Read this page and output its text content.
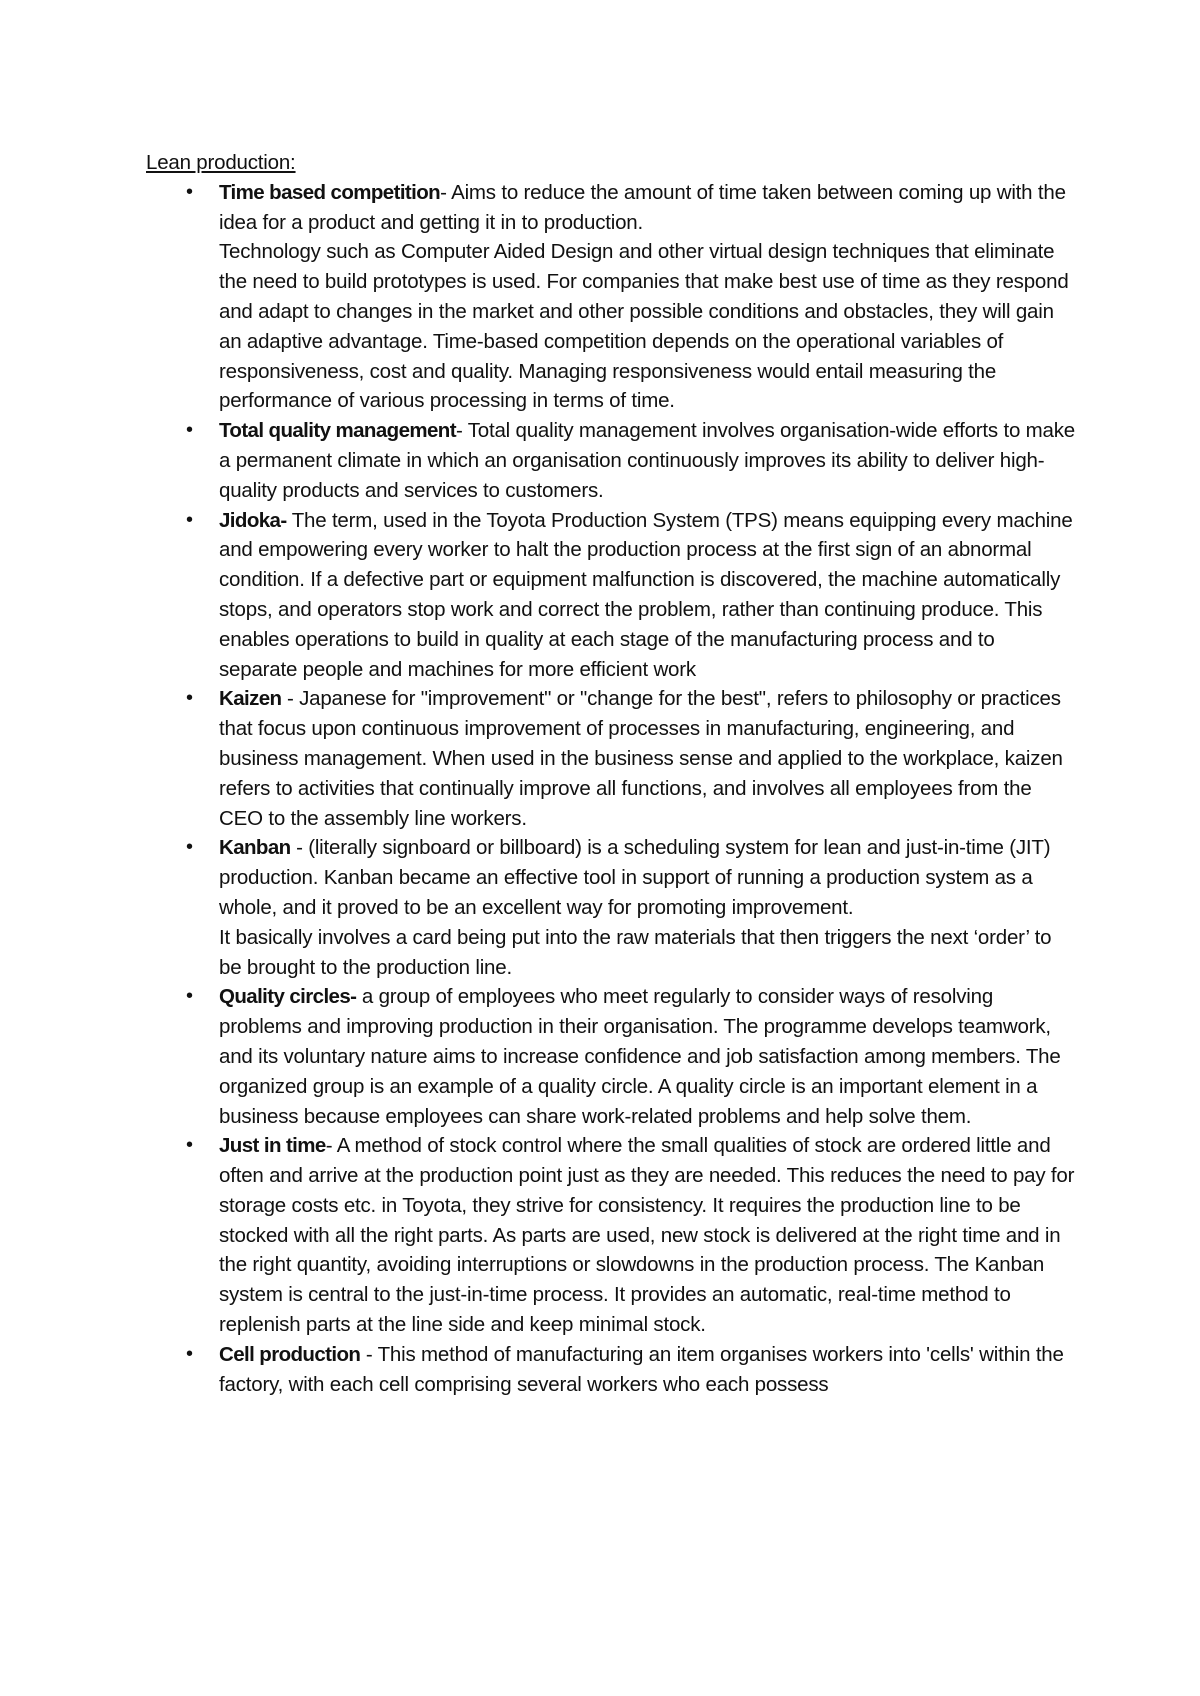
Lean production:

• Time based competition- Aims to reduce the amount of time taken between coming up with the idea for a product and getting it in to production.
Technology such as Computer Aided Design and other virtual design techniques that eliminate the need to build prototypes is used. For companies that make best use of time as they respond and adapt to changes in the market and other possible conditions and obstacles, they will gain an adaptive advantage. Time-based competition depends on the operational variables of responsiveness, cost and quality. Managing responsiveness would entail measuring the performance of various processing in terms of time.
• Total quality management- Total quality management involves organisation-wide efforts to make a permanent climate in which an organisation continuously improves its ability to deliver high-quality products and services to customers.
• Jidoka- The term, used in the Toyota Production System (TPS) means equipping every machine and empowering every worker to halt the production process at the first sign of an abnormal condition. If a defective part or equipment malfunction is discovered, the machine automatically stops, and operators stop work and correct the problem, rather than continuing produce. This enables operations to build in quality at each stage of the manufacturing process and to separate people and machines for more efficient work
• Kaizen - Japanese for "improvement" or "change for the best", refers to philosophy or practices that focus upon continuous improvement of processes in manufacturing, engineering, and business management. When used in the business sense and applied to the workplace, kaizen refers to activities that continually improve all functions, and involves all employees from the CEO to the assembly line workers.
• Kanban - (literally signboard or billboard) is a scheduling system for lean and just-in-time (JIT) production. Kanban became an effective tool in support of running a production system as a whole, and it proved to be an excellent way for promoting improvement.
It basically involves a card being put into the raw materials that then triggers the next ‘order’ to be brought to the production line.
• Quality circles- a group of employees who meet regularly to consider ways of resolving problems and improving production in their organisation. The programme develops teamwork, and its voluntary nature aims to increase confidence and job satisfaction among members. The organized group is an example of a quality circle. A quality circle is an important element in a business because employees can share work-related problems and help solve them.
• Just in time- A method of stock control where the small qualities of stock are ordered little and often and arrive at the production point just as they are needed. This reduces the need to pay for storage costs etc. in Toyota, they strive for consistency. It requires the production line to be stocked with all the right parts. As parts are used, new stock is delivered at the right time and in the right quantity, avoiding interruptions or slowdowns in the production process. The Kanban system is central to the just-in-time process. It provides an automatic, real-time method to replenish parts at the line side and keep minimal stock.
• Cell production - This method of manufacturing an item organises workers into 'cells' within the factory, with each cell comprising several workers who each possess
